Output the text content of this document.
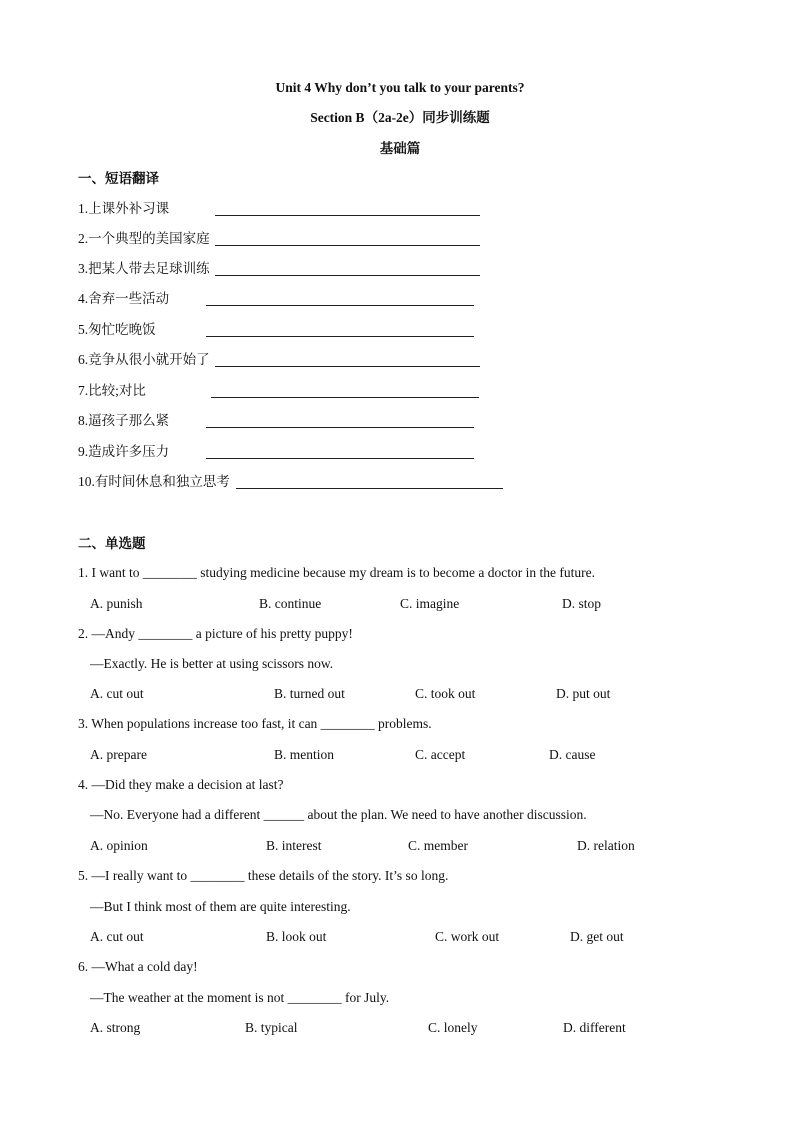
Unit 4 Why don’t you talk to your parents?
Section B（2a-2e）同步训练题
基础篇
一、短语翻译
1.上课外补习课
2.一个典型的美国家庭
3.把某人带去足球训练
4.舍弃一些活动
5.匆忙吃晚饭
6.竞争从很小就开始了
7.比较;对比
8.逼孩子那么紧
9.造成许多压力
10.有时间休息和独立思考
二、单选题
1. I want to ________ studying medicine because my dream is to become a doctor in the future.
A. punish	B. continue	C. imagine	D. stop
2. —Andy ________ a picture of his pretty puppy!
—Exactly. He is better at using scissors now.
A. cut out	B. turned out	C. took out	D. put out
3. When populations increase too fast, it can ________ problems.
A. prepare	B. mention	C. accept	D. cause
4. —Did they make a decision at last?
—No. Everyone had a different ______ about the plan. We need to have another discussion.
A. opinion	B. interest	C. member	D. relation
5. —I really want to ________ these details of the story. It’s so long.
—But I think most of them are quite interesting.
A. cut out	B. look out	C. work out	D. get out
6. —What a cold day!
—The weather at the moment is not ________ for July.
A. strong	B. typical	C. lonely	D. different
